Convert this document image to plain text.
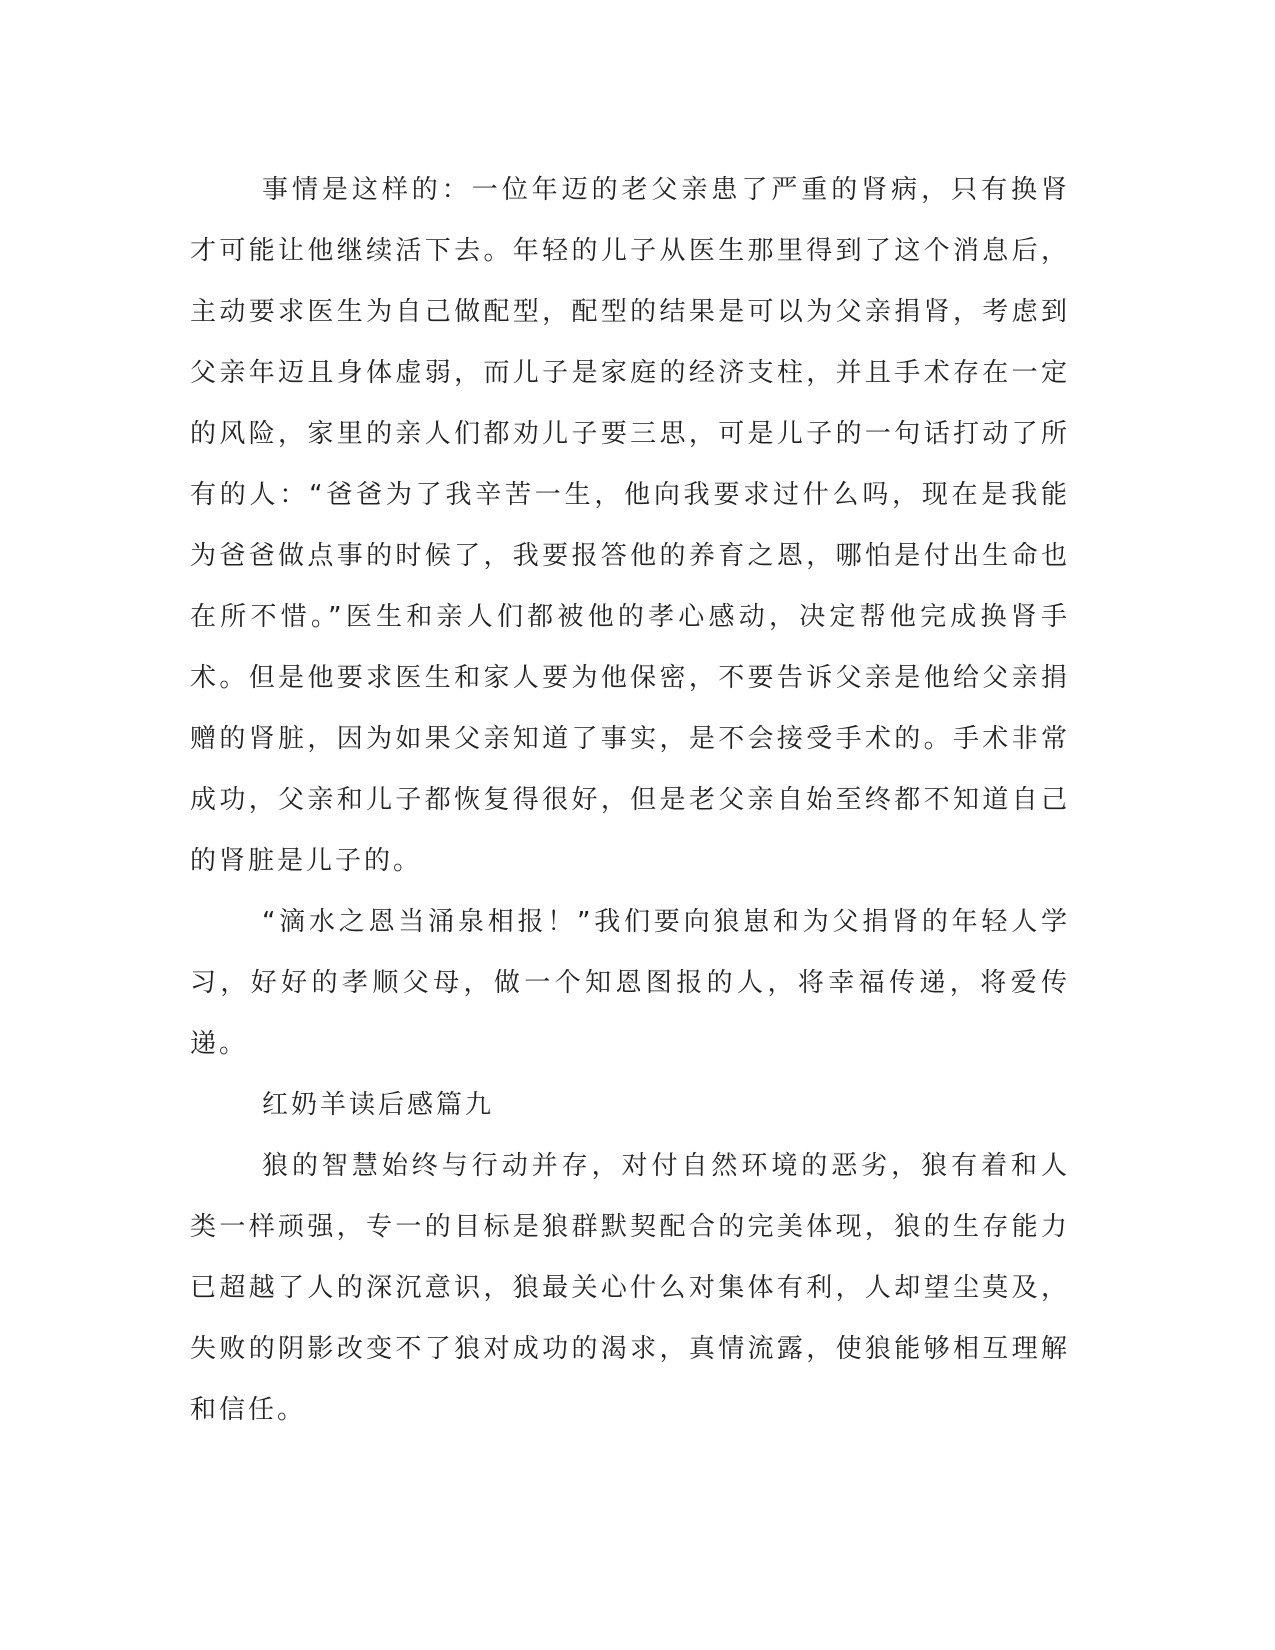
事情是这样的：一位年迈的老父亲患了严重的肾病，只有换肾才可能让他继续活下去。年轻的儿子从医生那里得到了这个消息后，主动要求医生为自己做配型，配型的结果是可以为父亲捐肾，考虑到父亲年迈且身体虚弱，而儿子是家庭的经济支柱，并且手术存在一定的风险，家里的亲人们都劝儿子要三思，可是儿子的一句话打动了所有的人：“爸爸为了我辛苦一生，他向我要求过什么吗，现在是我能为爸爸做点事的时候了，我要报答他的养育之恩，哪怕是付出生命也在所不惜。”医生和亲人们都被他的孝心感动，决定帮他完成换肾手术。但是他要求医生和家人要为他保密，不要告诉父亲是他给父亲捐赠的肾脏，因为如果父亲知道了事实，是不会接受手术的。手术非常成功，父亲和儿子都恢复得很好，但是老父亲自始至终都不知道自己的肾脏是儿子的。

“滴水之恩当涌泉相报！”我们要向狼崽和为父捐肾的年轻人学习，好好的孝顺父母，做一个知恩图报的人，将幸福传递，将爱传递。

红奶羊读后感篇九

狼的智慧始终与行动并存，对付自然环境的恶劣，狼有着和人类一样顽强，专一的目标是狼群默契配合的完美体现，狼的生存能力已超越了人的深沉意识，狼最关心什么对集体有利，人却望尘莫及，失败的阴影改变不了狼对成功的渴求，真情流露，使狼能够相互理解和信任。
